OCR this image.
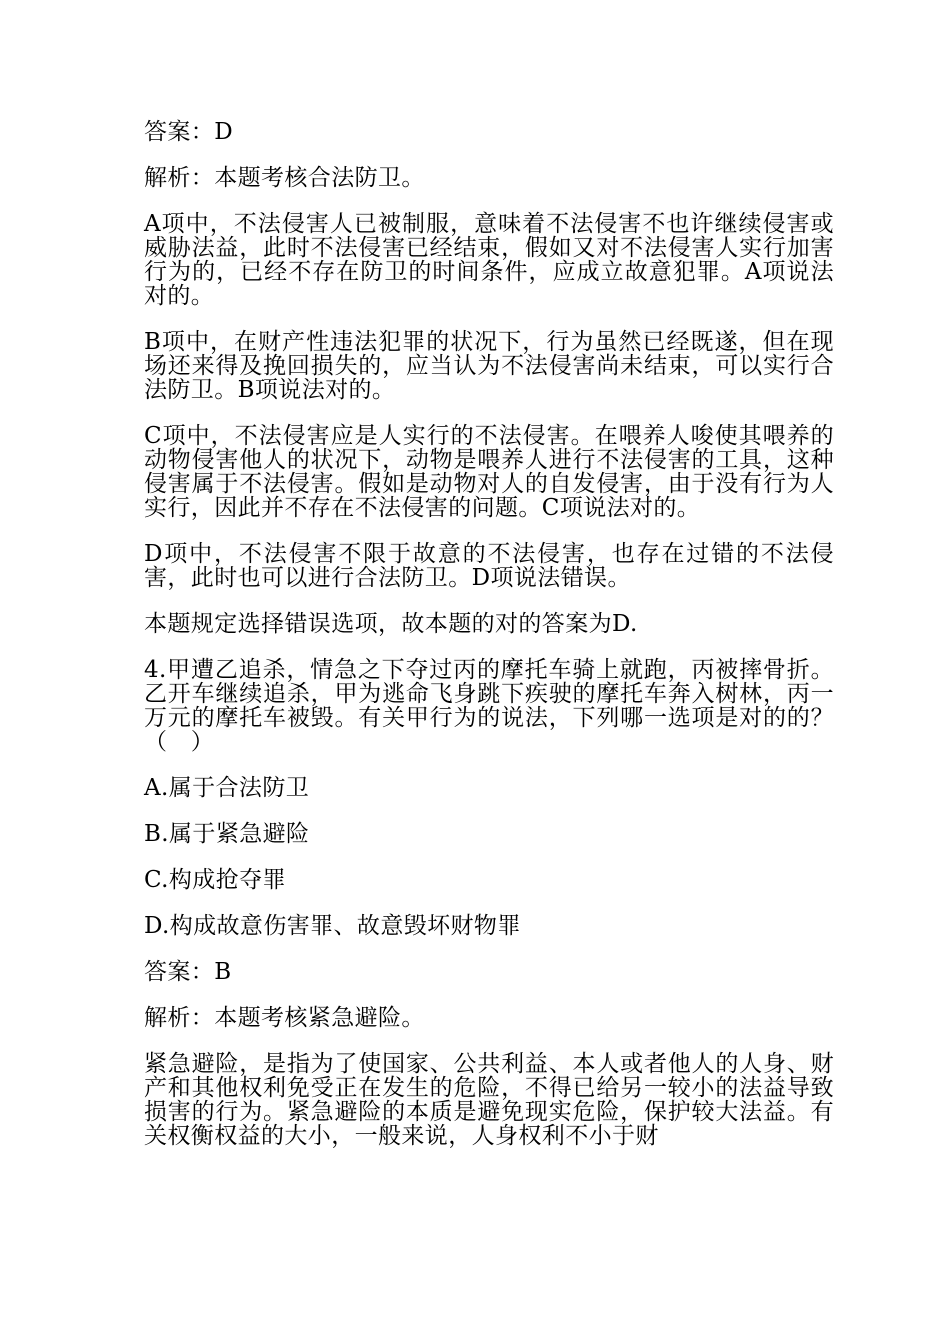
答案：D

解析：本题考核合法防卫。

A项中，不法侵害人已被制服，意味着不法侵害不也许继续侵害或威胁法益，此时不法侵害已经结束，假如又对不法侵害人实行加害行为的，已经不存在防卫的时间条件，应成立故意犯罪。A项说法对的。

B项中，在财产性违法犯罪的状况下，行为虽然已经既遂，但在现场还来得及挽回损失的，应当认为不法侵害尚未结束，可以实行合法防卫。B项说法对的。

C项中，不法侵害应是人实行的不法侵害。在喂养人唆使其喂养的动物侵害他人的状况下，动物是喂养人进行不法侵害的工具，这种侵害属于不法侵害。假如是动物对人的自发侵害，由于没有行为人实行，因此并不存在不法侵害的问题。C项说法对的。

D项中，不法侵害不限于故意的不法侵害，也存在过错的不法侵害，此时也可以进行合法防卫。D项说法错误。

本题规定选择错误选项，故本题的对的答案为D.

4.甲遭乙追杀，情急之下夺过丙的摩托车骑上就跑，丙被摔骨折。乙开车继续追杀，甲为逃命飞身跳下疾驶的摩托车奔入树林，丙一万元的摩托车被毁。有关甲行为的说法，下列哪一选项是对的的？（　）

A.属于合法防卫

B.属于紧急避险

C.构成抢夺罪

D.构成故意伤害罪、故意毁坏财物罪

答案：B

解析：本题考核紧急避险。

紧急避险，是指为了使国家、公共利益、本人或者他人的人身、财产和其他权利免受正在发生的危险，不得已给另一较小的法益导致损害的行为。紧急避险的本质是避免现实危险，保护较大法益。有关权衡权益的大小，一般来说，人身权利不小于财
